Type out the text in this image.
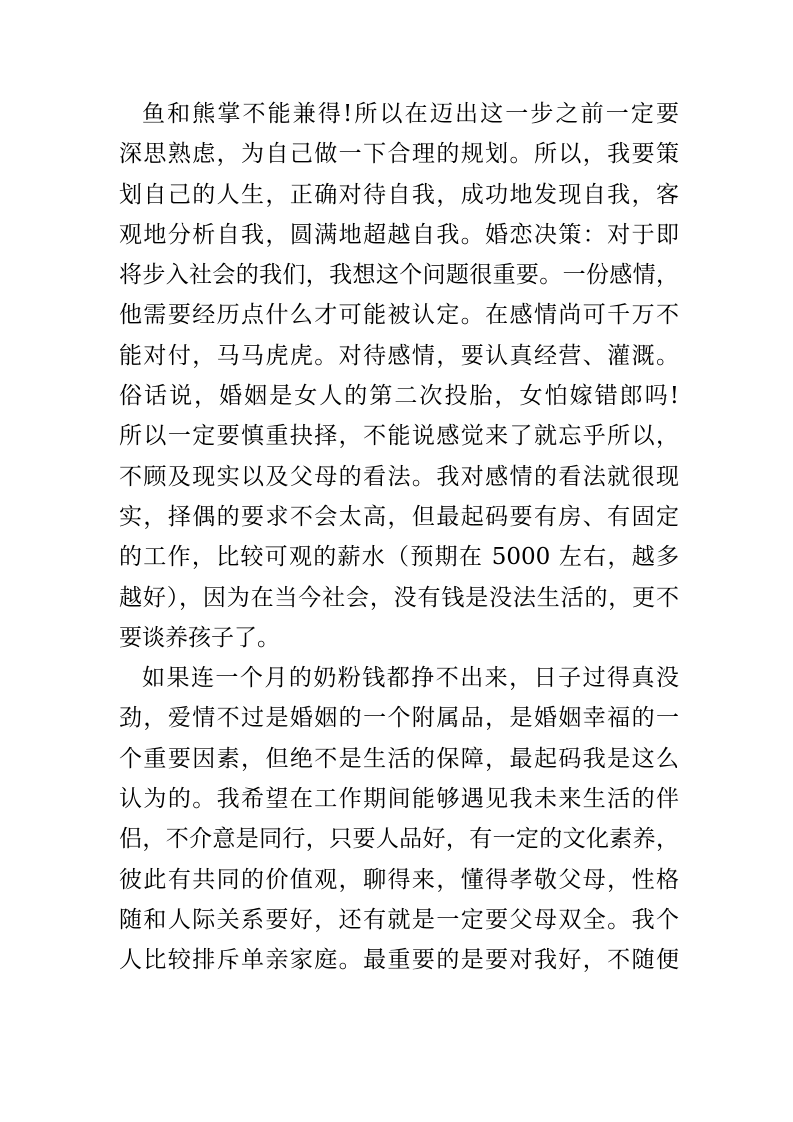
鱼和熊掌不能兼得!所以在迈出这一步之前一定要
深思熟虑，为自己做一下合理的规划。所以，我要策
划自己的人生，正确对待自我，成功地发现自我，客
观地分析自我，圆满地超越自我。婚恋决策：对于即
将步入社会的我们，我想这个问题很重要。一份感情，
他需要经历点什么才可能被认定。在感情尚可千万不
能对付，马马虎虎。对待感情，要认真经营、灌溉。
俗话说，婚姻是女人的第二次投胎，女怕嫁错郎吗!
所以一定要慎重抉择，不能说感觉来了就忘乎所以，
不顾及现实以及父母的看法。我对感情的看法就很现
实，择偶的要求不会太高，但最起码要有房、有固定
的工作，比较可观的薪水（预期在 5000 左右，越多
越好），因为在当今社会，没有钱是没法生活的，更不
要谈养孩子了。
如果连一个月的奶粉钱都挣不出来，日子过得真没
劲，爱情不过是婚姻的一个附属品，是婚姻幸福的一
个重要因素，但绝不是生活的保障，最起码我是这么
认为的。我希望在工作期间能够遇见我未来生活的伴
侣，不介意是同行，只要人品好，有一定的文化素养，
彼此有共同的价值观，聊得来，懂得孝敬父母，性格
随和人际关系要好，还有就是一定要父母双全。我个
人比较排斥单亲家庭。最重要的是要对我好，不随便
